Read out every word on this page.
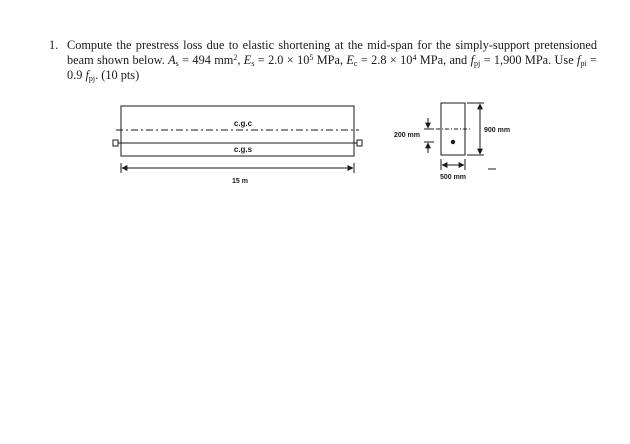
1. Compute the prestress loss due to elastic shortening at the mid-span for the simply-support pretensioned beam shown below. $A_s = 494$ $mm^2$, $E_s = 2.0 \times 10^5$ MPa, $E_c = 2.8 \times 10^4$ MPa, and $f_{pj} = 1,900$ MPa. Use $f_{pi} = 0.9$ $f_{pj}$. (10 pts)
c.g.c
c.g.s
15 m
200 mm
900 mm
500 mm
